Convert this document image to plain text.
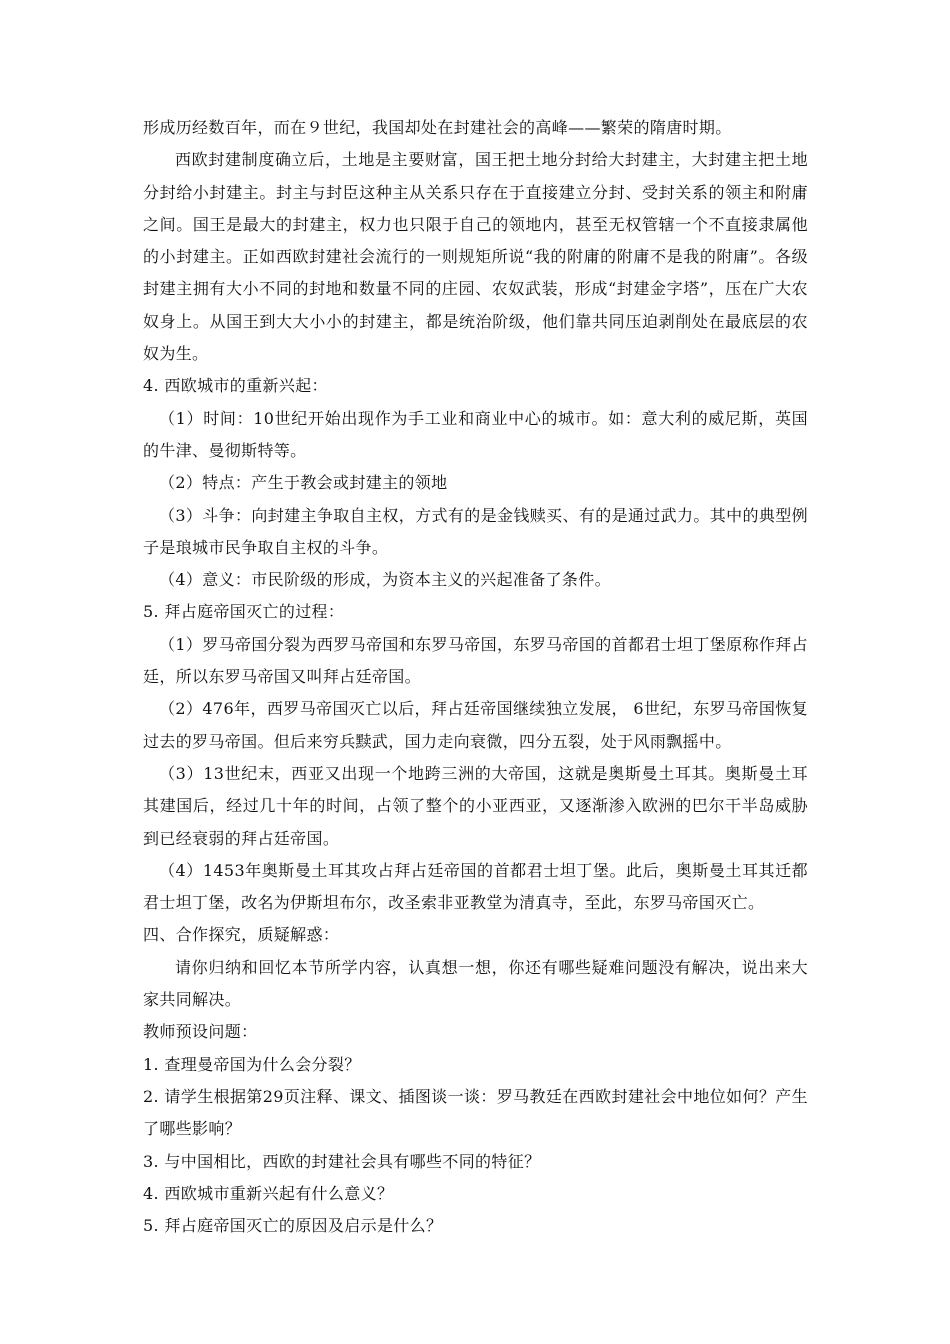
形成历经数百年，而在９世纪，我国却处在封建社会的高峰——繁荣的隋唐时期。

西欧封建制度确立后，土地是主要财富，国王把土地分封给大封建主，大封建主把土地分封给小封建主。封主与封臣这种主从关系只存在于直接建立分封、受封关系的领主和附庸之间。国王是最大的封建主，权力也只限于自己的领地内，甚至无权管辖一个不直接隶属他的小封建主。正如西欧封建社会流行的一则规矩所说“我的附庸的附庸不是我的附庸”。各级封建主拥有大小不同的封地和数量不同的庄园、农奴武装，形成“封建金字塔”，压在广大农奴身上。从国王到大大小小的封建主，都是统治阶级，他们靠共同压迫剥削处在最底层的农奴为生。

4. 西欧城市的重新兴起：

（1）时间：10世纪开始出现作为手工业和商业中心的城市。如：意大利的威尼斯，英国的牛津、曼彻斯特等。

（2）特点：产生于教会或封建主的领地

（3）斗争：向封建主争取自主权，方式有的是金钱赎买、有的是通过武力。其中的典型例子是琅城市民争取自主权的斗争。

（4）意义：市民阶级的形成，为资本主义的兴起准备了条件。

5. 拜占庭帝国灭亡的过程：

（1）罗马帝国分裂为西罗马帝国和东罗马帝国，东罗马帝国的首都君士坦丁堡原称作拜占廷，所以东罗马帝国又叫拜占廷帝国。

（2）476年，西罗马帝国灭亡以后，拜占廷帝国继续独立发展， 6世纪，东罗马帝国恢复过去的罗马帝国。但后来穷兵黩武，国力走向衰微，四分五裂，处于风雨飘摇中。

（3）13世纪末，西亚又出现一个地跨三洲的大帝国，这就是奥斯曼土耳其。奥斯曼土耳其建国后，经过几十年的时间，占领了整个的小亚西亚，又逐渐渗入欧洲的巴尔干半岛威胁到已经衰弱的拜占廷帝国。

（4）1453年奥斯曼土耳其攻占拜占廷帝国的首都君士坦丁堡。此后，奥斯曼土耳其迁都君士坦丁堡，改名为伊斯坦布尔，改圣索非亚教堂为清真寺，至此，东罗马帝国灭亡。

四、合作探究，质疑解惑：

请你归纳和回忆本节所学内容，认真想一想，你还有哪些疑难问题没有解决，说出来大家共同解决。

教师预设问题：

1. 查理曼帝国为什么会分裂？

2. 请学生根据第29页注释、课文、插图谈一谈：罗马教廷在西欧封建社会中地位如何？产生了哪些影响？

3. 与中国相比，西欧的封建社会具有哪些不同的特征？

4. 西欧城市重新兴起有什么意义？

5. 拜占庭帝国灭亡的原因及启示是什么？
